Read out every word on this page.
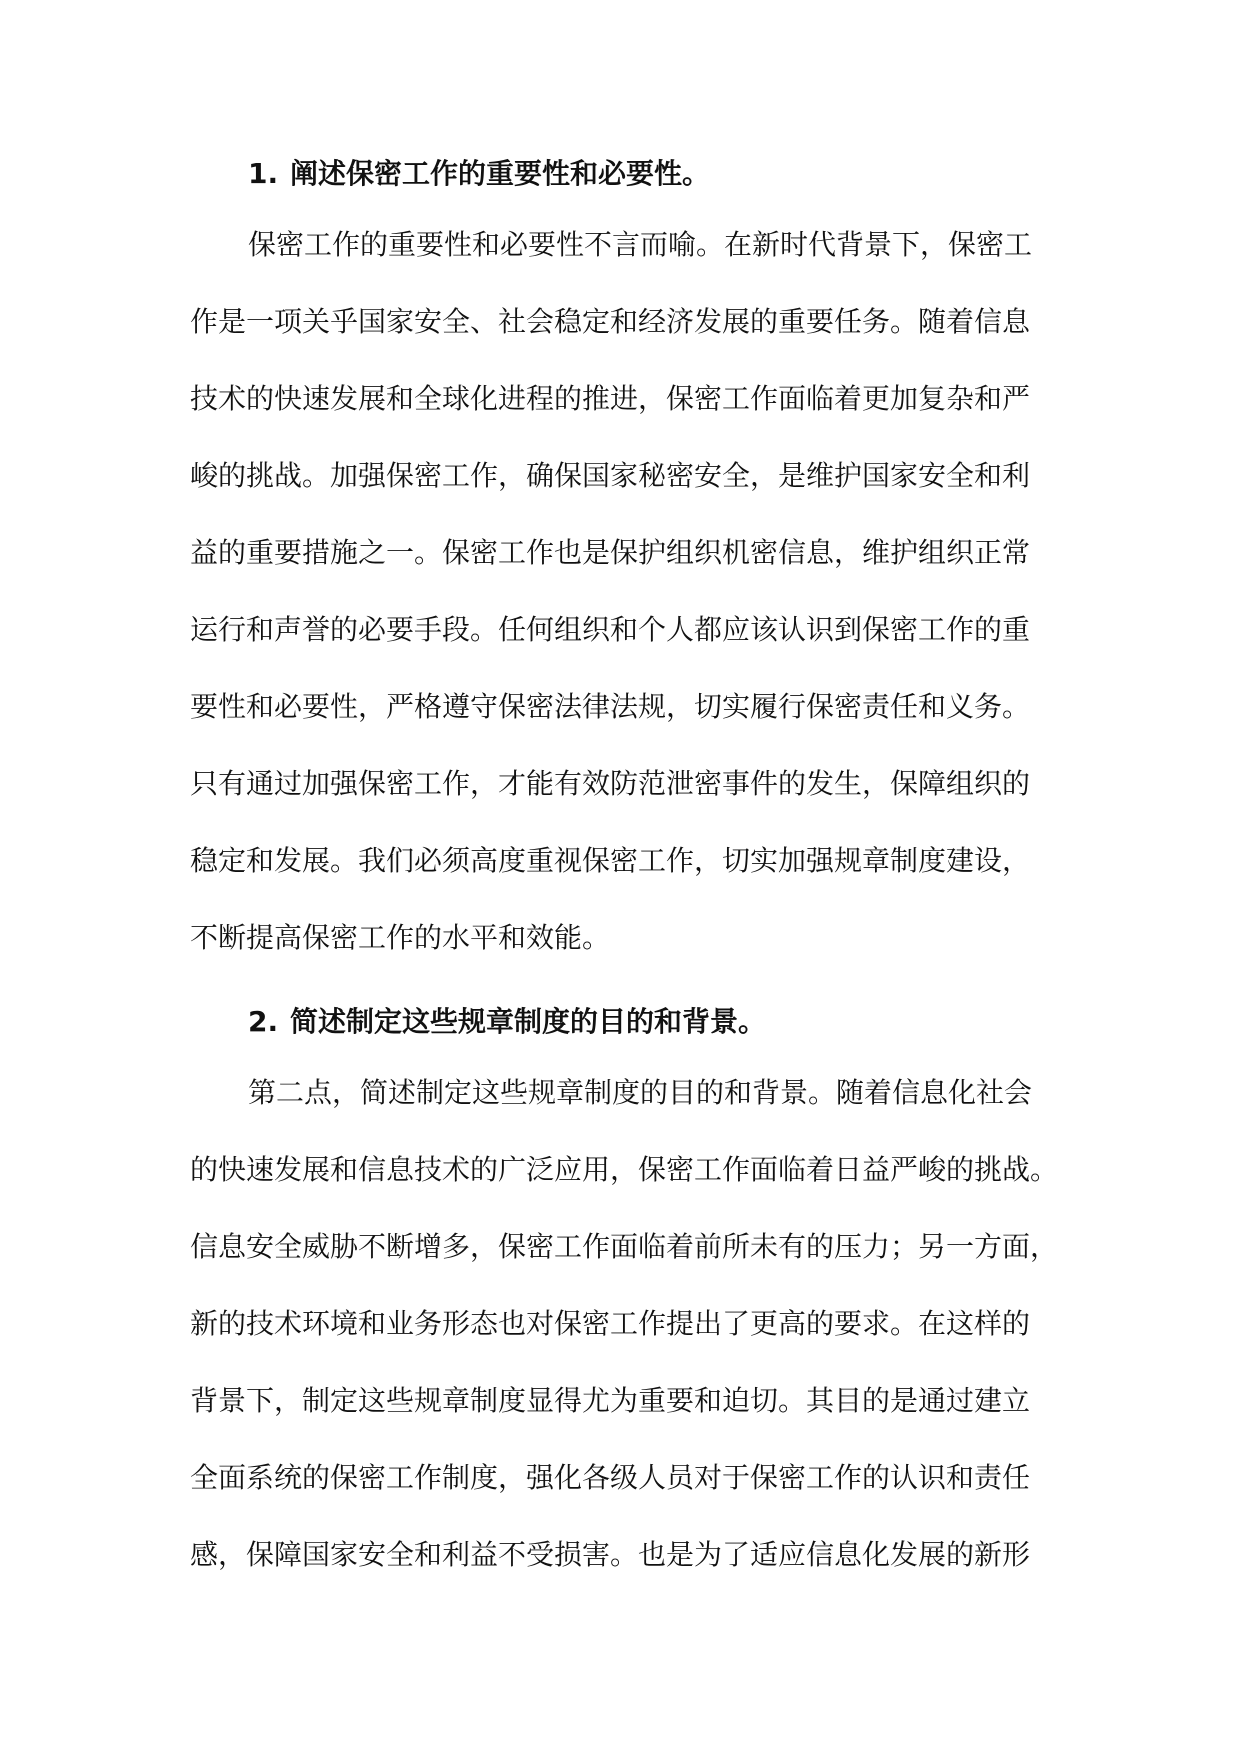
1. 阐述保密工作的重要性和必要性。
保密工作的重要性和必要性不言而喻。在新时代背景下，保密工
作是一项关乎国家安全、社会稳定和经济发展的重要任务。随着信息
技术的快速发展和全球化进程的推进，保密工作面临着更加复杂和严
峻的挑战。加强保密工作，确保国家秘密安全，是维护国家安全和利
益的重要措施之一。保密工作也是保护组织机密信息，维护组织正常
运行和声誉的必要手段。任何组织和个人都应该认识到保密工作的重
要性和必要性，严格遵守保密法律法规，切实履行保密责任和义务。
只有通过加强保密工作，才能有效防范泄密事件的发生，保障组织的
稳定和发展。我们必须高度重视保密工作，切实加强规章制度建设，
不断提高保密工作的水平和效能。
2. 简述制定这些规章制度的目的和背景。
第二点，简述制定这些规章制度的目的和背景。随着信息化社会
的快速发展和信息技术的广泛应用，保密工作面临着日益严峻的挑战。
信息安全威胁不断增多，保密工作面临着前所未有的压力；另一方面，
新的技术环境和业务形态也对保密工作提出了更高的要求。在这样的
背景下，制定这些规章制度显得尤为重要和迫切。其目的是通过建立
全面系统的保密工作制度，强化各级人员对于保密工作的认识和责任
感，保障国家安全和利益不受损害。也是为了适应信息化发展的新形
